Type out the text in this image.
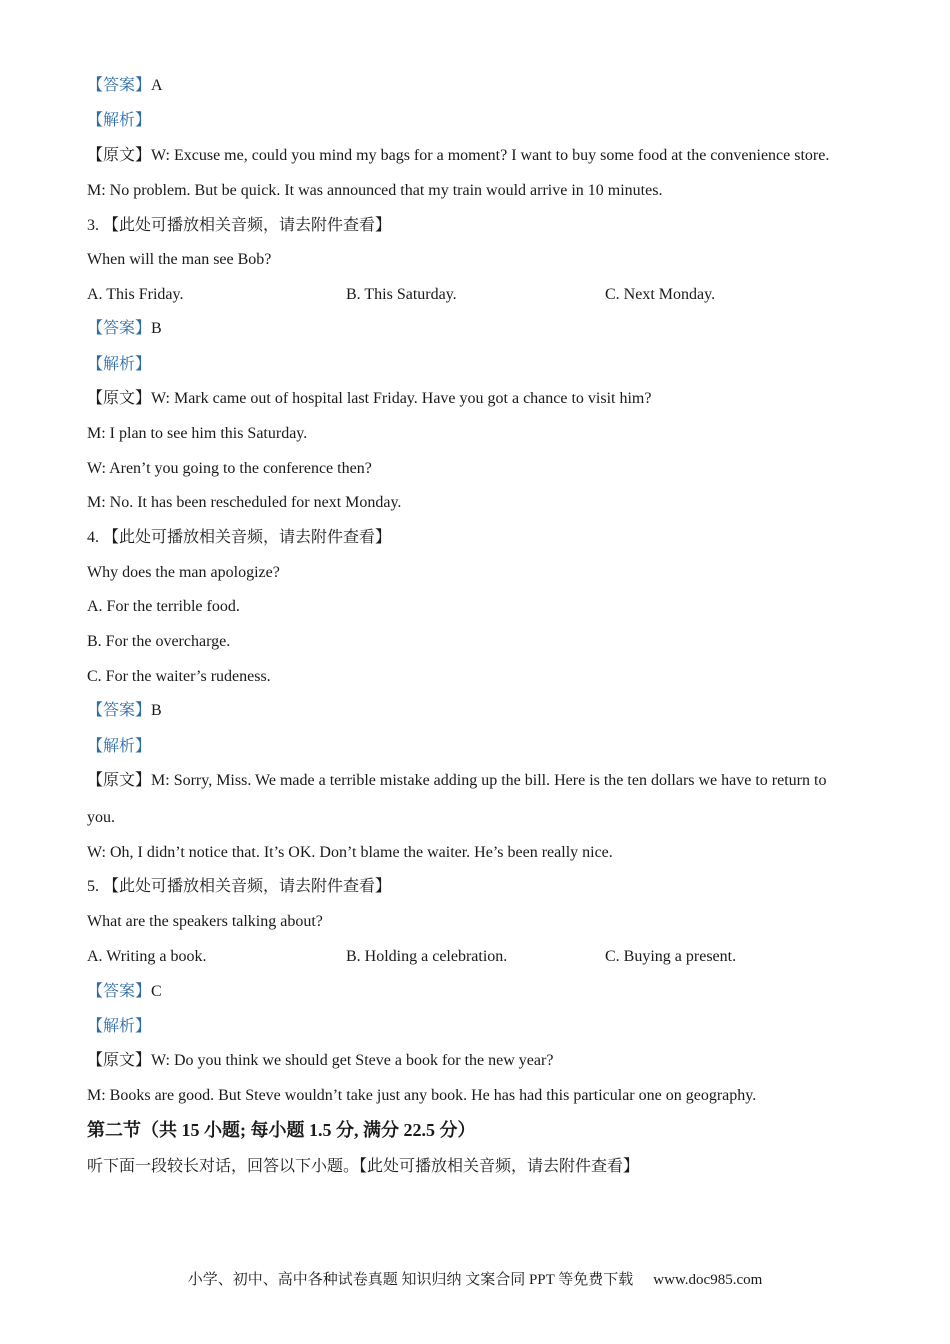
【答案】A
【解析】
【原文】W: Excuse me, could you mind my bags for a moment? I want to buy some food at the convenience store.
M: No problem. But be quick. It was announced that my train would arrive in 10 minutes.
3. 【此处可播放相关音频，请去附件查看】
When will the man see Bob?
A. This Friday.	B. This Saturday.	C. Next Monday.
【答案】B
【解析】
【原文】W: Mark came out of hospital last Friday. Have you got a chance to visit him?
M: I plan to see him this Saturday.
W: Aren’t you going to the conference then?
M: No. It has been rescheduled for next Monday.
4. 【此处可播放相关音频，请去附件查看】
Why does the man apologize?
A. For the terrible food.
B. For the overcharge.
C. For the waiter’s rudeness.
【答案】B
【解析】
【原文】M: Sorry, Miss. We made a terrible mistake adding up the bill. Here is the ten dollars we have to return to
you.
W: Oh, I didn’t notice that. It’s OK. Don’t blame the waiter. He’s been really nice.
5. 【此处可播放相关音频，请去附件查看】
What are the speakers talking about?
A. Writing a book.	B. Holding a celebration.	C. Buying a present.
【答案】C
【解析】
【原文】W: Do you think we should get Steve a book for the new year?
M: Books are good. But Steve wouldn’t take just any book. He has had this particular one on geography.
第二节（共 15 小题; 每小题 1.5 分, 满分 22.5 分）
听下面一段较长对话，回答以下小题。【此处可播放相关音频，请去附件查看】
小学、初中、高中各种试卷真题 知识归纳 文案合同 PPT 等免费下载 www.doc985.com
